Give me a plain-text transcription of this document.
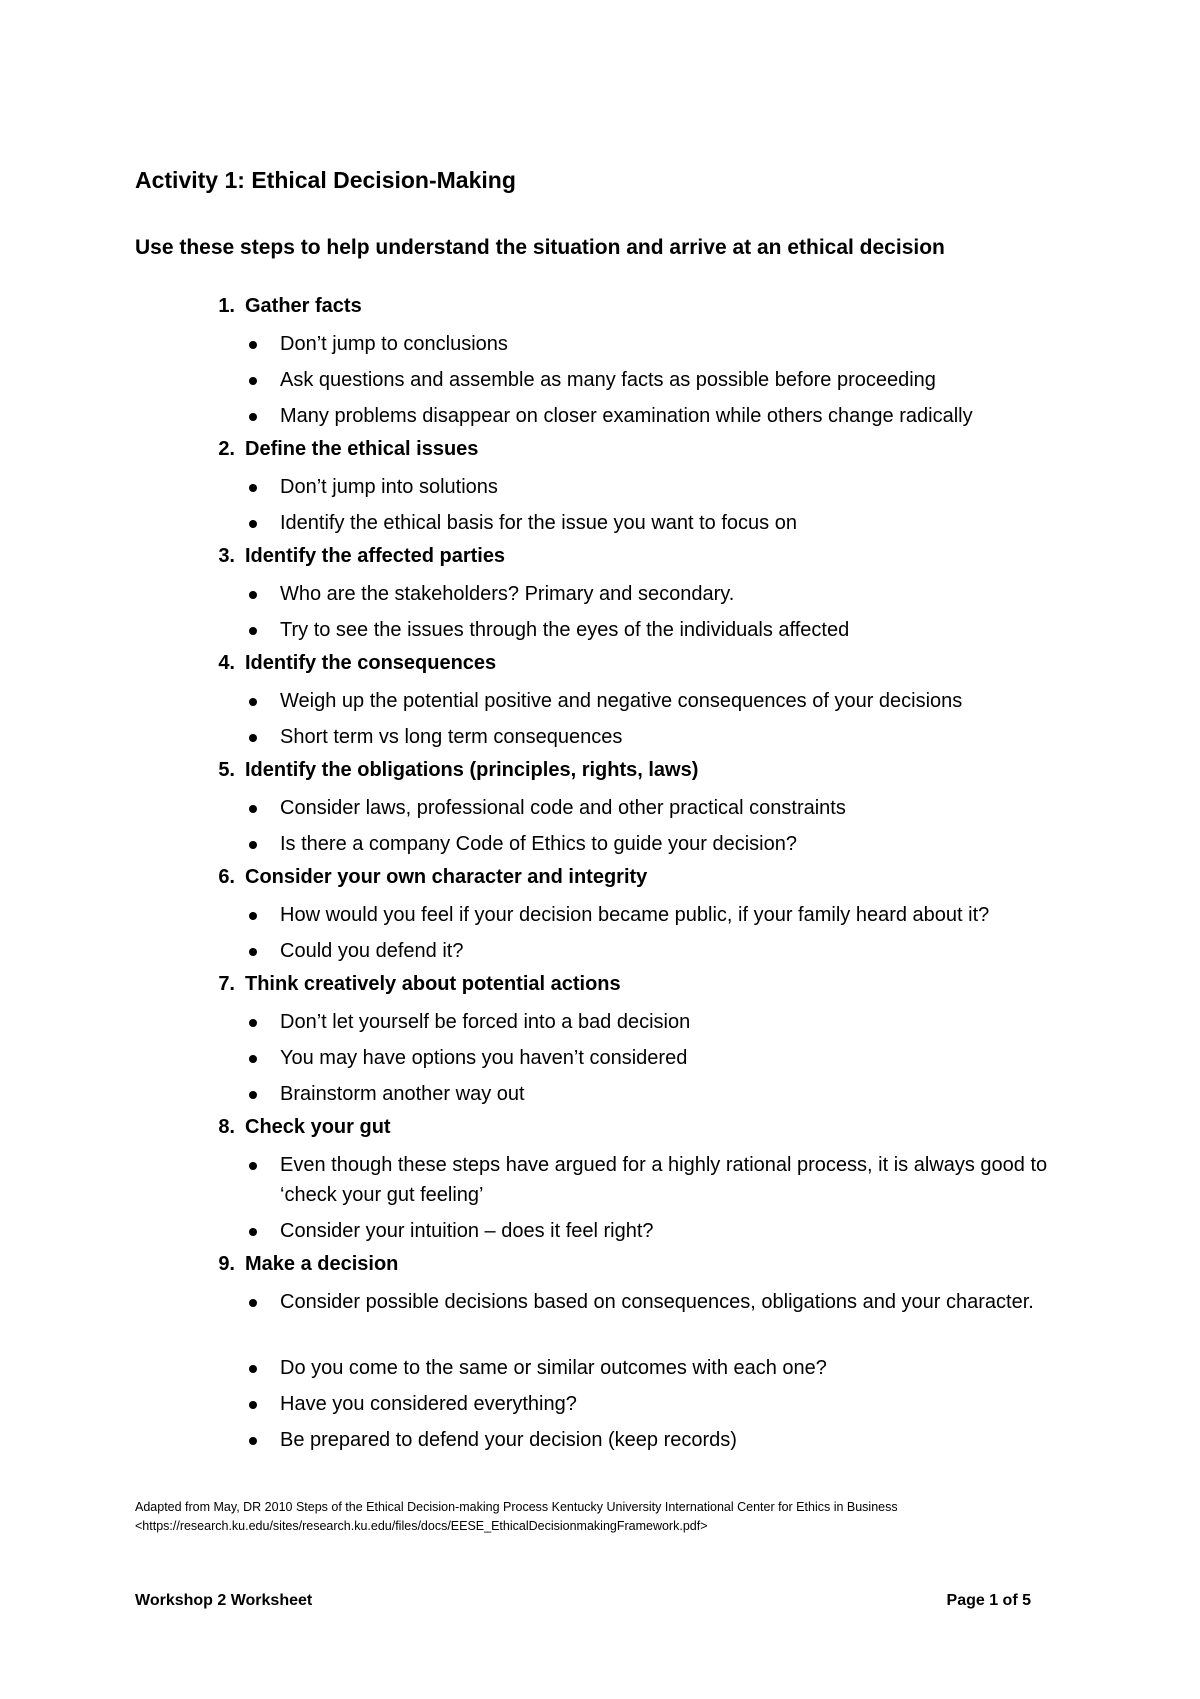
Activity 1: Ethical Decision-Making
Use these steps to help understand the situation and arrive at an ethical decision
1. Gather facts
Don’t jump to conclusions
Ask questions and assemble as many facts as possible before proceeding
Many problems disappear on closer examination while others change radically
2. Define the ethical issues
Don’t jump into solutions
Identify the ethical basis for the issue you want to focus on
3. Identify the affected parties
Who are the stakeholders? Primary and secondary.
Try to see the issues through the eyes of the individuals affected
4. Identify the consequences
Weigh up the potential positive and negative consequences of your decisions
Short term vs long term consequences
5. Identify the obligations (principles, rights, laws)
Consider laws, professional code and other practical constraints
Is there a company Code of Ethics to guide your decision?
6. Consider your own character and integrity
How would you feel if your decision became public, if your family heard about it?
Could you defend it?
7. Think creatively about potential actions
Don’t let yourself be forced into a bad decision
You may have options you haven’t considered
Brainstorm another way out
8. Check your gut
Even though these steps have argued for a highly rational process, it is always good to ‘check your gut feeling’
Consider your intuition – does it feel right?
9. Make a decision
Consider possible decisions based on consequences, obligations and your character.
Do you come to the same or similar outcomes with each one?
Have you considered everything?
Be prepared to defend your decision (keep records)
Adapted from May, DR 2010 Steps of the Ethical Decision-making Process Kentucky University International Center for Ethics in Business
<https://research.ku.edu/sites/research.ku.edu/files/docs/EESE_EthicalDecisionmakingFramework.pdf>
Workshop 2 Worksheet	Page 1 of 5
